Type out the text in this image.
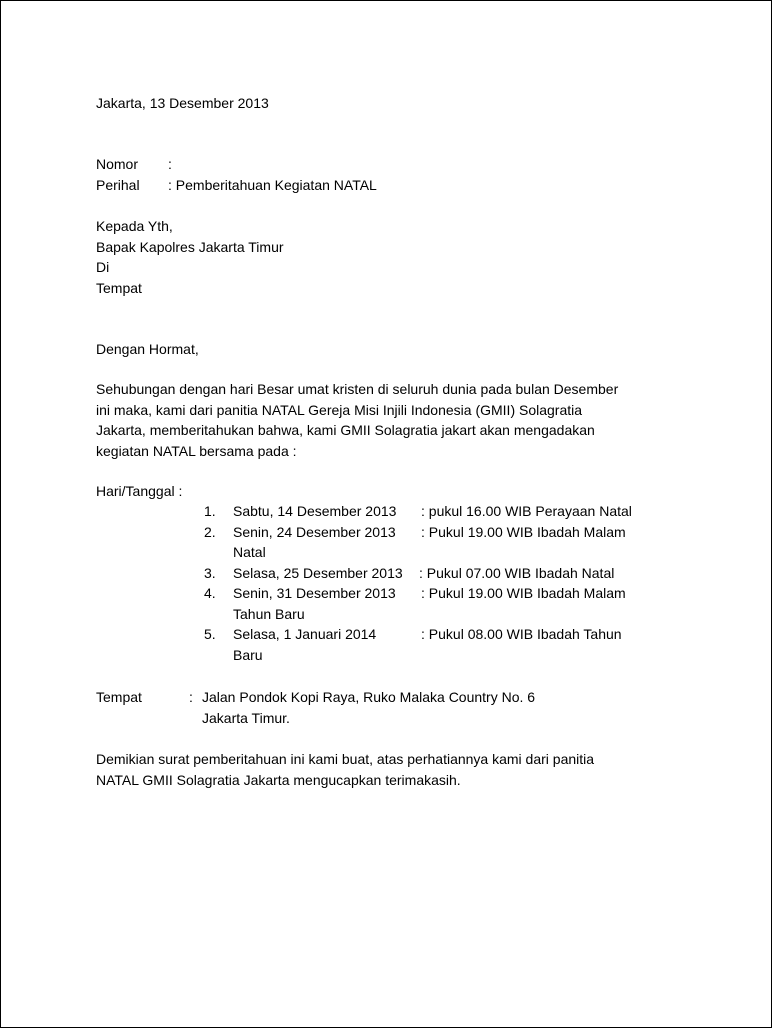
Jakarta, 13 Desember 2013
Nomor :
Perihal : Pemberitahuan Kegiatan NATAL
Kepada Yth,
Bapak Kapolres Jakarta Timur
Di
Tempat
Dengan Hormat,
Sehubungan dengan hari Besar umat kristen di seluruh dunia pada bulan Desember
ini maka, kami dari panitia NATAL Gereja Misi Injili Indonesia (GMII) Solagratia
Jakarta, memberitahukan bahwa, kami GMII Solagratia jakart akan mengadakan
kegiatan NATAL bersama pada :
Hari/Tanggal :
1. Sabtu, 14 Desember 2013 : pukul 16.00 WIB Perayaan Natal
2. Senin, 24 Desember 2013 : Pukul 19.00 WIB Ibadah Malam
Natal
3. Selasa, 25 Desember 2013 : Pukul 07.00 WIB Ibadah Natal
4. Senin, 31 Desember 2013 : Pukul 19.00 WIB Ibadah Malam
Tahun Baru
5. Selasa, 1 Januari 2014	: Pukul 08.00 WIB Ibadah Tahun
Baru
Tempat	: Jalan Pondok Kopi Raya, Ruko Malaka Country No. 6
Jakarta Timur.
Demikian surat pemberitahuan ini kami buat, atas perhatiannya kami dari panitia
NATAL GMII Solagratia Jakarta mengucapkan terimakasih.
